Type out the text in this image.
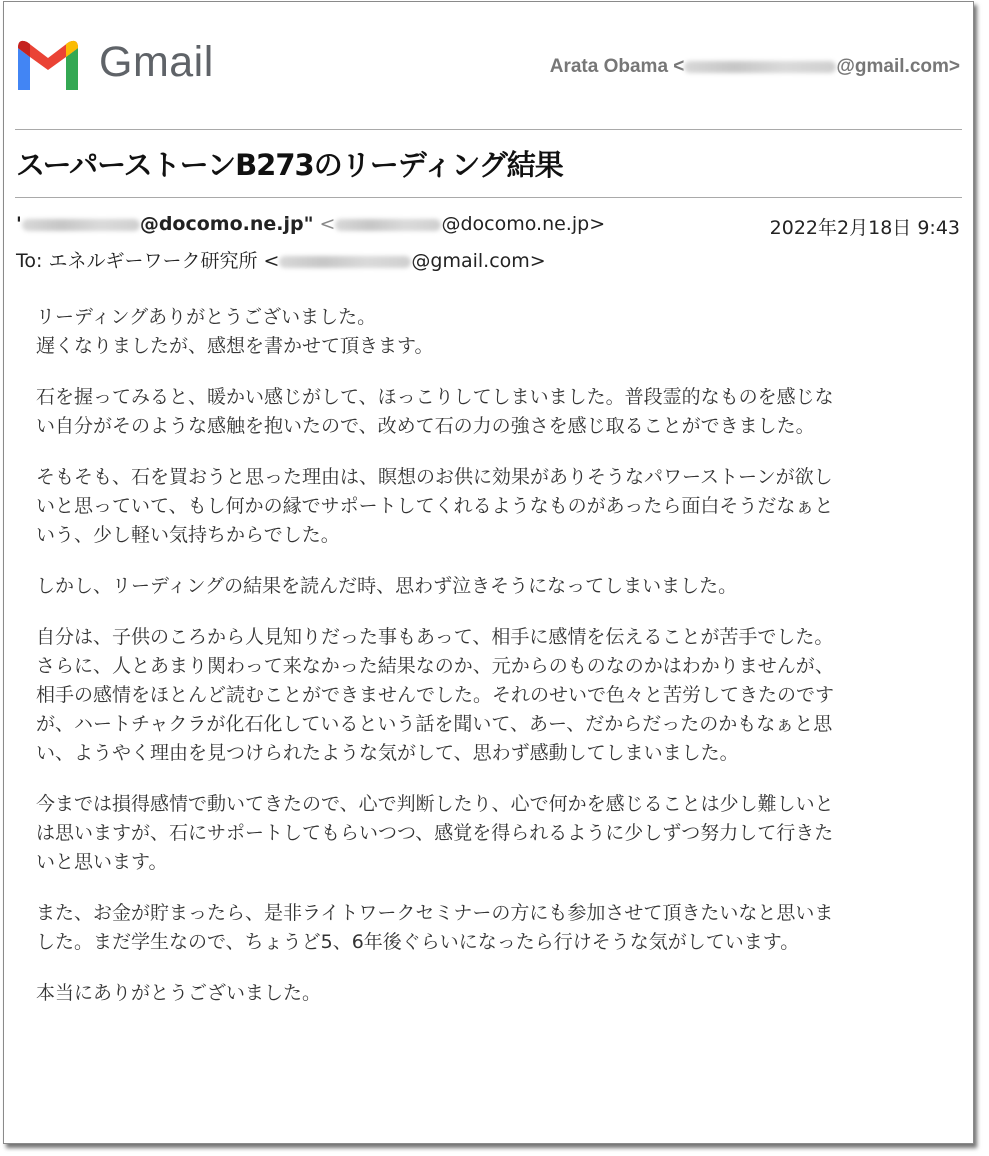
Gmail	Arata Obama <	@gmail.com>
スーパーストーンB273のリーディング結果
'	@docomo.ne.jp" <	@docomo.ne.jp>	2022年2月18日 9:43
To: エネルギーワーク研究所 <	@gmail.com>

リーディングありがとうございました。
遅くなりましたが、感想を書かせて頂きます。

石を握ってみると、暖かい感じがして、ほっこりしてしまいました。普段霊的なものを感じな
い自分がそのような感触を抱いたので、改めて石の力の強さを感じ取ることができました。

そもそも、石を買おうと思った理由は、瞑想のお供に効果がありそうなパワーストーンが欲し
いと思っていて、もし何かの縁でサポートしてくれるようなものがあったら面白そうだなぁと
いう、少し軽い気持ちからでした。

しかし、リーディングの結果を読んだ時、思わず泣きそうになってしまいました。

自分は、子供のころから人見知りだった事もあって、相手に感情を伝えることが苦手でした。
さらに、人とあまり関わって来なかった結果なのか、元からのものなのかはわかりませんが、
相手の感情をほとんど読むことができませんでした。それのせいで色々と苦労してきたのです
が、ハートチャクラが化石化しているという話を聞いて、あー、だからだったのかもなぁと思
い、ようやく理由を見つけられたような気がして、思わず感動してしまいました。

今までは損得感情で動いてきたので、心で判断したり、心で何かを感じることは少し難しいと
は思いますが、石にサポートしてもらいつつ、感覚を得られるように少しずつ努力して行きた
いと思います。

また、お金が貯まったら、是非ライトワークセミナーの方にも参加させて頂きたいなと思いま
した。まだ学生なので、ちょうど5、6年後ぐらいになったら行けそうな気がしています。

本当にありがとうございました。
